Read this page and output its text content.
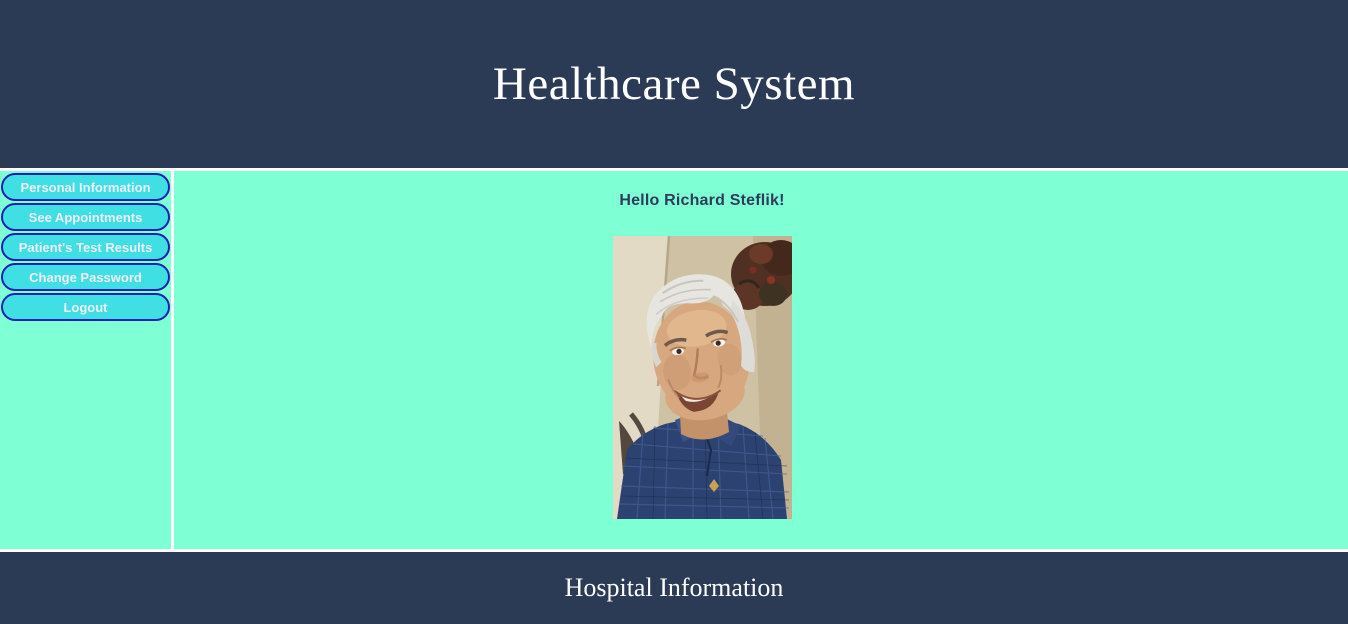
Healthcare System
Personal Information
See Appointments
Patient's Test Results
Change Password
Logout
Hello Richard Steflik!
Hospital Information
